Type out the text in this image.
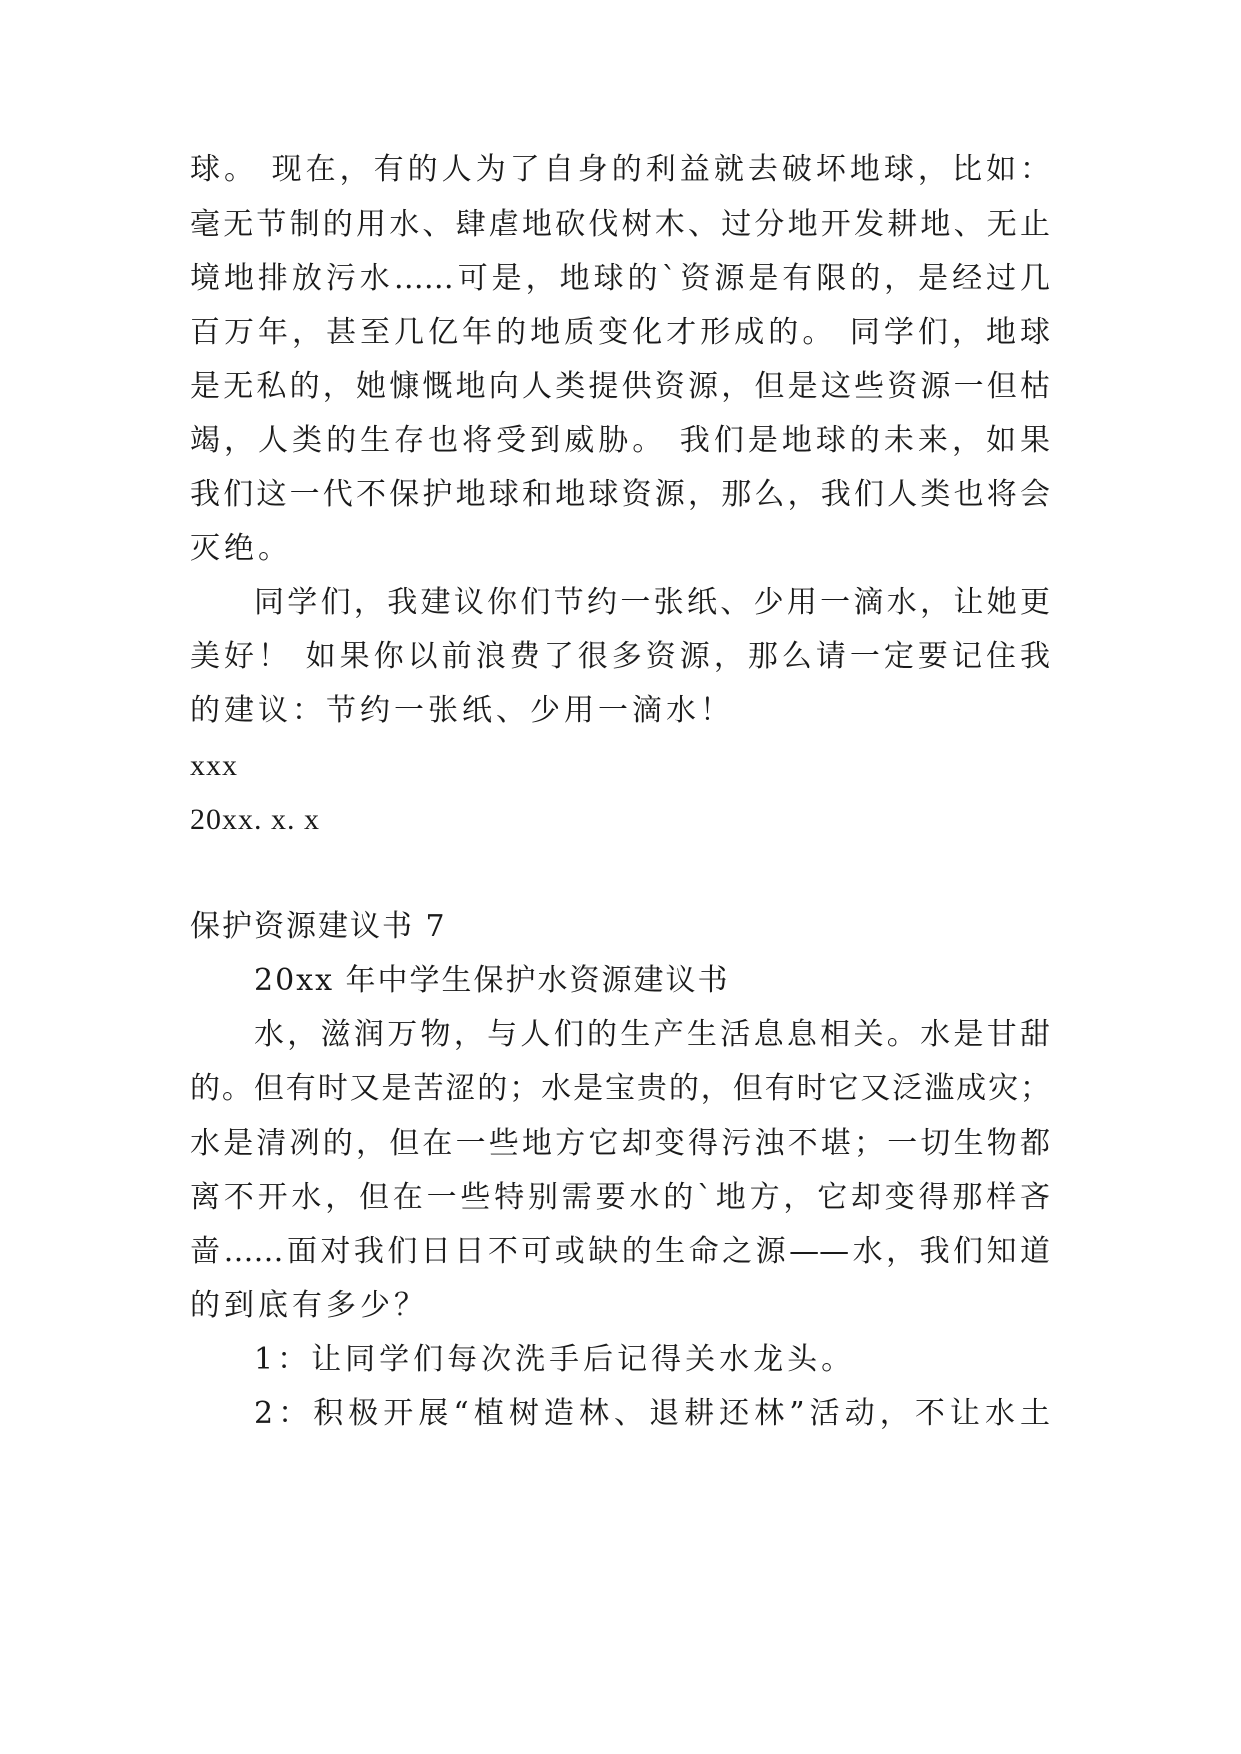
球。 现在，有的人为了自身的利益就去破坏地球，比如：
毫无节制的用水、肆虐地砍伐树木、过分地开发耕地、无止
境地排放污水……可是，地球的`资源是有限的，是经过几
百万年，甚至几亿年的地质变化才形成的。 同学们，地球
是无私的，她慷慨地向人类提供资源，但是这些资源一但枯
竭，人类的生存也将受到威胁。 我们是地球的未来，如果
我们这一代不保护地球和地球资源，那么，我们人类也将会
灭绝。
同学们，我建议你们节约一张纸、少用一滴水，让她更
美好！ 如果你以前浪费了很多资源，那么请一定要记住我
的建议：节约一张纸、少用一滴水！
xxx
20xx. x. x
保护资源建议书 7
20xx 年中学生保护水资源建议书
水，滋润万物，与人们的生产生活息息相关。水是甘甜
的。但有时又是苦涩的；水是宝贵的，但有时它又泛滥成灾；
水是清冽的，但在一些地方它却变得污浊不堪；一切生物都
离不开水，但在一些特别需要水的`地方，它却变得那样吝
啬……面对我们日日不可或缺的生命之源——水，我们知道
的到底有多少？
1：让同学们每次洗手后记得关水龙头。
2：积极开展“植树造林、退耕还林”活动，不让水土
